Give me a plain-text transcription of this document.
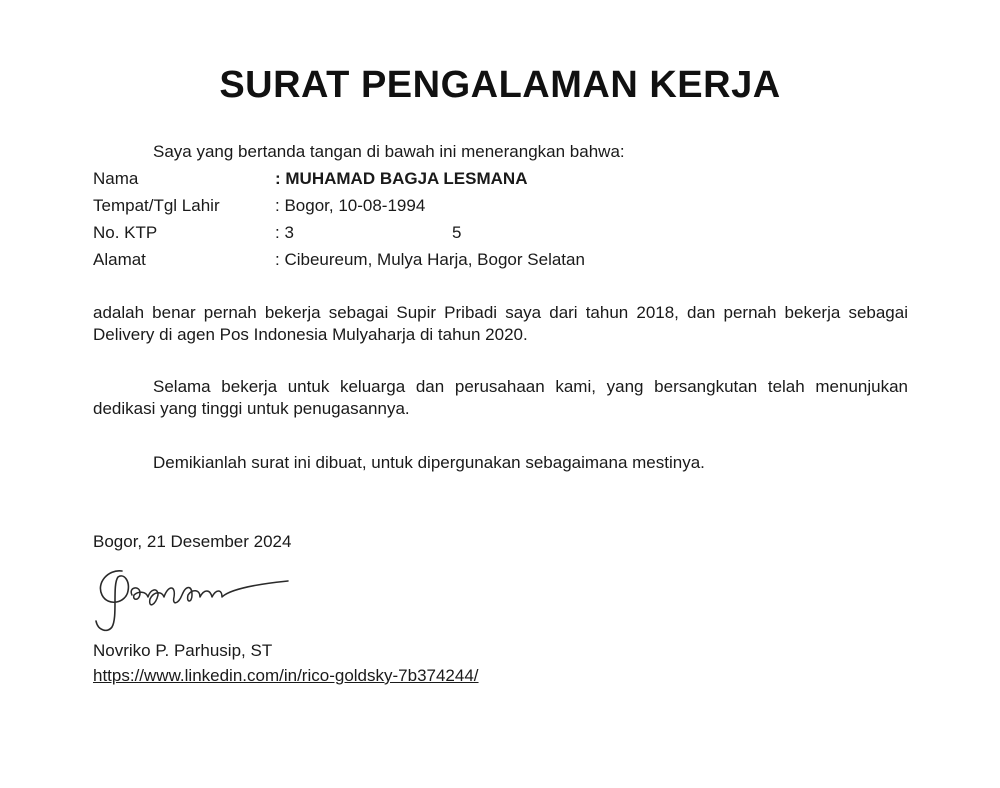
SURAT PENGALAMAN KERJA
Saya yang bertanda tangan di bawah ini menerangkan bahwa:
Nama	: MUHAMAD BAGJA LESMANA
Tempat/Tgl Lahir	: Bogor, 10-08-1994
No. KTP	: 3	5
Alamat	: Cibeureum, Mulya Harja, Bogor Selatan
adalah benar pernah bekerja sebagai Supir Pribadi saya dari tahun 2018, dan pernah bekerja sebagai Delivery di agen Pos Indonesia Mulyaharja di tahun 2020.
Selama bekerja untuk keluarga dan perusahaan kami, yang bersangkutan telah menunjukan dedikasi yang tinggi untuk penugasannya.
Demikianlah surat ini dibuat, untuk dipergunakan sebagaimana mestinya.
Bogor, 21 Desember 2024
Novriko P. Parhusip, ST
https://www.linkedin.com/in/rico-goldsky-7b374244/
